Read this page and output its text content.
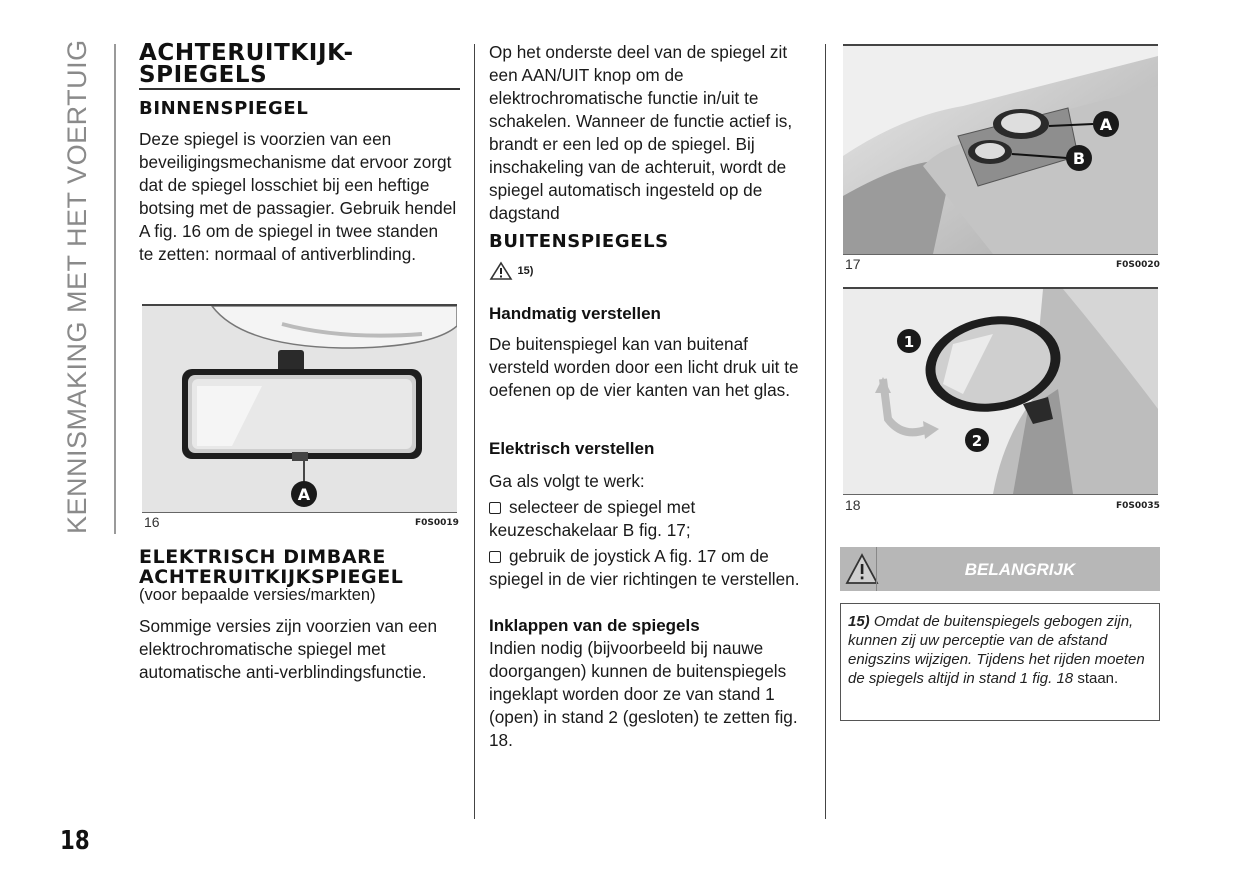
KENNISMAKING MET HET VOERTUIG
18
ACHTERUITKIJK-
SPIEGELS
BINNENSPIEGEL
Deze spiegel is voorzien van een beveiligingsmechanisme dat ervoor zorgt dat de spiegel losschiet bij een heftige botsing met de passagier. Gebruik hendel A fig. 16 om de spiegel in twee standen te zetten: normaal of antiverblinding.
A
16	F0S0019
ELEKTRISCH DIMBARE
ACHTERUITKIJKSPIEGEL
(voor bepaalde versies/markten)
Sommige versies zijn voorzien van een elektrochromatische spiegel met automatische anti-verblindingsfunctie.
Op het onderste deel van de spiegel zit een AAN/UIT knop om de elektrochromatische functie in/uit te schakelen. Wanneer de functie actief is, brandt er een led op de spiegel. Bij inschakeling van de achteruit, wordt de spiegel automatisch ingesteld op de dagstand
BUITENSPIEGELS
15)
Handmatig verstellen
De buitenspiegel kan van buitenaf versteld worden door een licht druk uit te oefenen op de vier kanten van het glas.
Elektrisch verstellen
Ga als volgt te werk:
selecteer de spiegel met keuzeschakelaar B fig. 17;
gebruik de joystick A fig. 17 om de spiegel in de vier richtingen te verstellen.
Inklappen van de spiegels
Indien nodig (bijvoorbeeld bij nauwe doorgangen) kunnen de buitenspiegels ingeklapt worden door ze van stand 1 (open) in stand 2 (gesloten) te zetten fig. 18.
A
B
17	F0S0020
1
2
18	F0S0035
BELANGRIJK
15) Omdat de buitenspiegels gebogen zijn, kunnen zij uw perceptie van de afstand enigszins wijzigen. Tijdens het rijden moeten de spiegels altijd in stand 1 fig. 18 staan.
